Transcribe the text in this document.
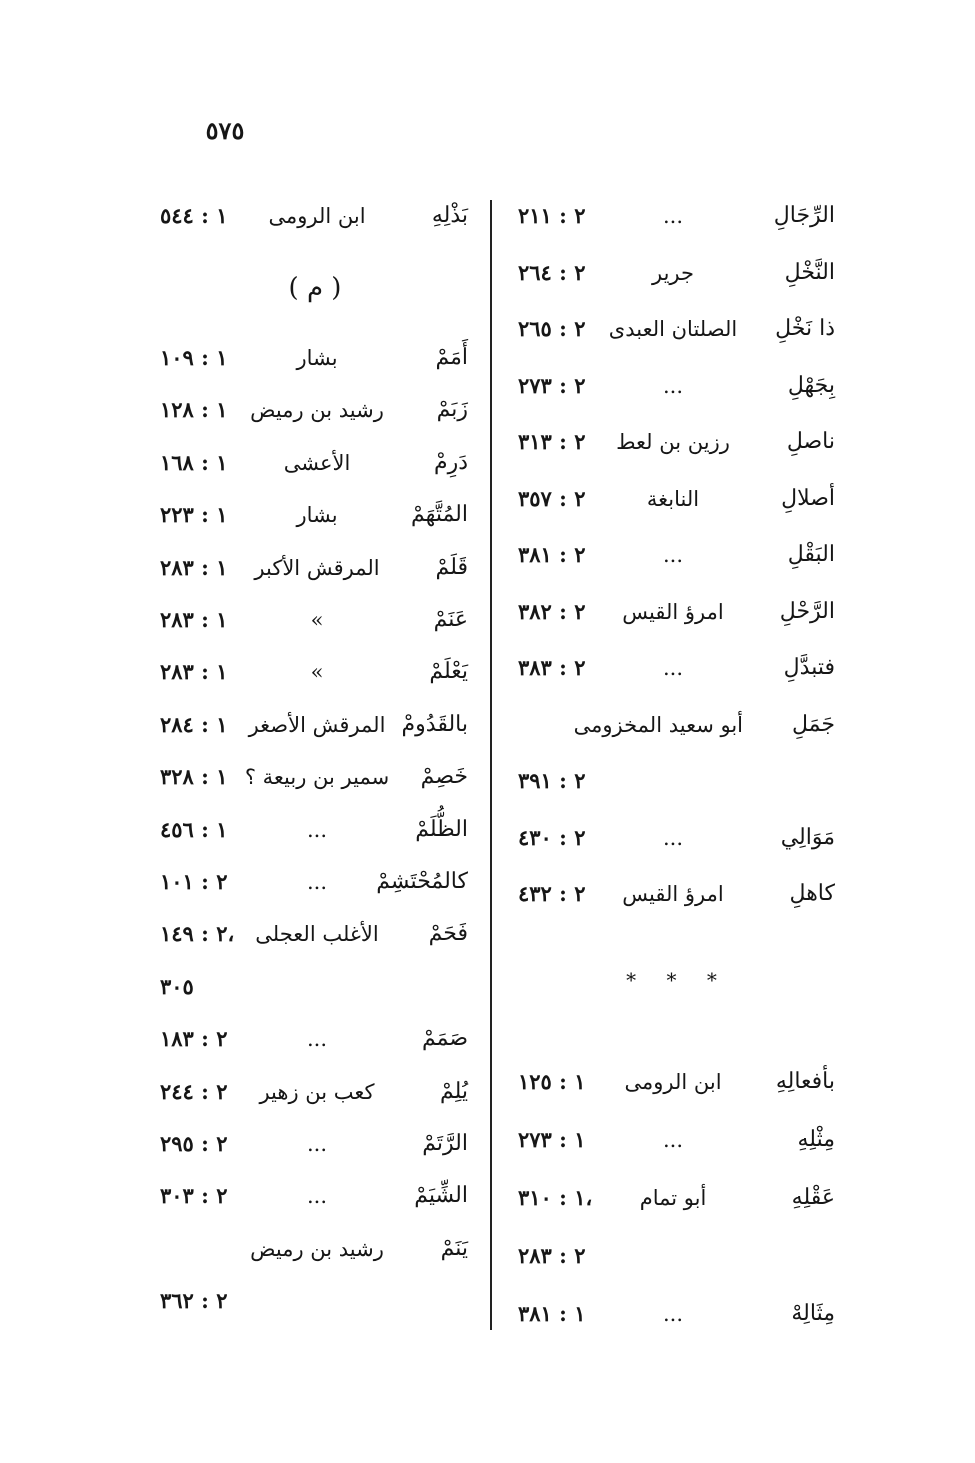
٥٧٥
بَذْلِهِ
ابن الرومى
١ : ٥٤٤
( م )
أَمَمْ
بشار
١ : ١٠٩
زَبَمْ
رشيد بن رميض
١ : ١٢٨
دَرِمْ
الأعشى
١ : ١٦٨
المُتَّهَمْ
بشار
١ : ٢٢٣
قَلَمْ
المرقش الأكبر
١ : ٢٨٣
عَنَمْ
»
١ : ٢٨٣
يَعْلَمْ
»
١ : ٢٨٣
بالقَدُومْ
المرقش الأصغر
١ : ٢٨٤
خَصِمْ
سمير بن ربيعة ؟
١ : ٣٢٨
الظُّلَمْ
...
١ : ٤٥٦
كالمُحْتَشِمْ
...
٢ : ١٠١
فَحَمْ
الأغلب العجلى
٢ : ١٤٩،
٣٠٥
صَمَمْ
...
٢ : ١٨٣
يُلِمْ
كعب بن زهير
٢ : ٢٤٤
الرَّتَمْ
...
٢ : ٢٩٥
الشِّيَمْ
...
٢ : ٣٠٣
يَنَمْ
رشيد بن رميض
٢ : ٣٦٢
الرِّجَالِ
...
٢ : ٢١١
النَّخْلِ
جرير
٢ : ٢٦٤
ذا نَخْلِ
الصلتان العبدى
٢ : ٢٦٥
بِجَهْلِ
...
٢ : ٢٧٣
ناصلِ
رزين بن لعط
٢ : ٣١٣
أصلالِ
النابغة
٢ : ٣٥٧
البَقْلِ
...
٢ : ٣٨١
الرَّحْلِ
امرؤ القيس
٢ : ٣٨٢
فتبدَّلِ
...
٢ : ٣٨٣
جَمَلِ
أبو سعيد المخزومى
٢ : ٣٩١
مَوَالِي
...
٢ : ٤٣٠
كاهلِ
امرؤ القيس
٢ : ٤٣٢
* * *
بأفعالِهِ
ابن الرومى
١ : ١٢٥
مِثْلِهِ
...
١ : ٢٧٣
عَقْلِهِ
أبو تمام
١ : ٣١٠،
٢ : ٢٨٣
مِثَالِهْ
...
١ : ٣٨١
